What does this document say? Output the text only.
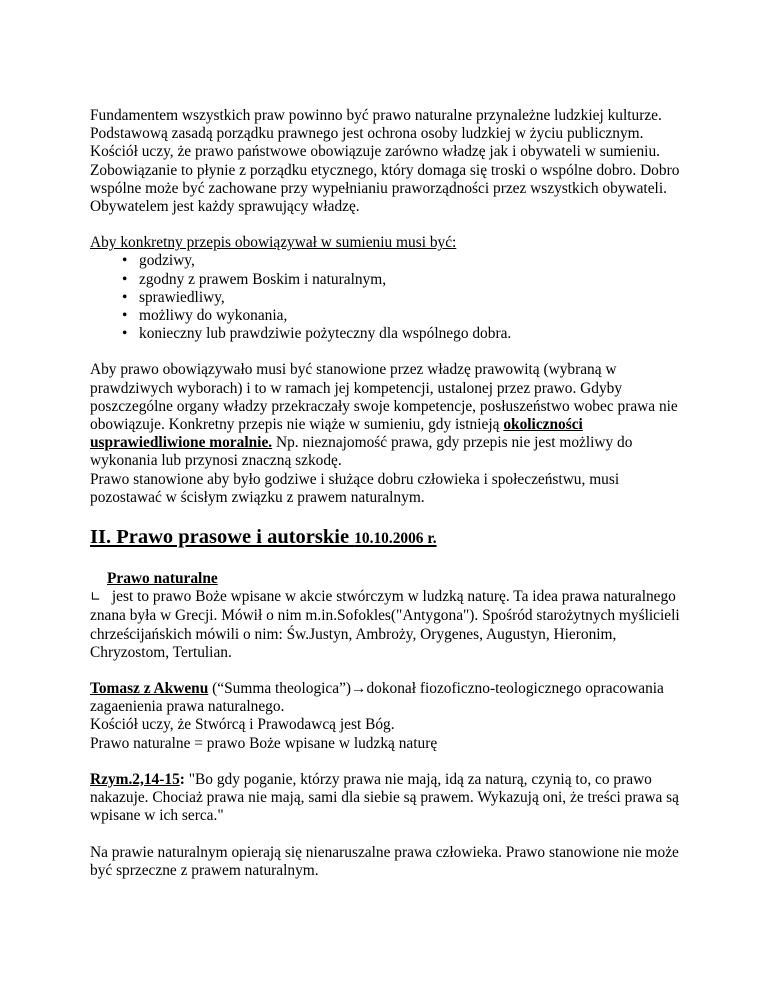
Fundamentem wszystkich praw powinno być prawo naturalne przynależne ludzkiej kulturze.

Podstawową zasadą porządku prawnego jest ochrona osoby ludzkiej w życiu publicznym.

Kościół uczy, że prawo państwowe obowiązuje zarówno władzę jak i obywateli w sumieniu.

Zobowiązanie to płynie z porządku etycznego, który domaga się troski o wspólne dobro. Dobro

wspólne może być zachowane przy wypełnianiu praworządności przez wszystkich obywateli.

Obywatelem jest każdy sprawujący władzę.

Aby konkretny przepis obowiązywał w sumieniu musi być:

• godziwy,
• zgodny z prawem Boskim i naturalnym,
• sprawiedliwy,
• możliwy do wykonania,
• konieczny lub prawdziwie pożyteczny dla wspólnego dobra.

Aby prawo obowiązywało musi być stanowione przez władzę prawowitą (wybraną w

prawdziwych wyborach) i to w ramach jej kompetencji, ustalonej przez prawo. Gdyby

poszczególne organy władzy przekraczały swoje kompetencje, posłuszeństwo wobec prawa nie

obowiązuje. Konkretny przepis nie wiąże w sumieniu, gdy istnieją okoliczności

usprawiedliwione moralnie. Np. nieznajomość prawa, gdy przepis nie jest możliwy do

wykonania lub przynosi znaczną szkodę.

Prawo stanowione aby było godziwe i służące dobru człowieka i społeczeństwu, musi

pozostawać w ścisłym związku z prawem naturalnym.

II. Prawo prasowe i autorskie 10.10.2006 r.

Prawo naturalne

∟ jest to prawo Boże wpisane w akcie stwórczym w ludzką naturę. Ta idea prawa naturalnego

znana była w Grecji. Mówił o nim m.in.Sofokles("Antygona"). Spośród starożytnych myślicieli

chrześcijańskich mówili o nim: Św.Justyn, Ambroży, Orygenes, Augustyn, Hieronim,

Chryzostom, Tertulian.

Tomasz z Akwenu (“Summa theologica”)→dokonał fiozoficzno-teologicznego opracowania

zagaenienia prawa naturalnego.

Kościół uczy, że Stwórcą i Prawodawcą jest Bóg.

Prawo naturalne = prawo Boże wpisane w ludzką naturę

Rzym.2,14-15: "Bo gdy poganie, którzy prawa nie mają, idą za naturą, czynią to, co prawo

nakazuje. Chociaż prawa nie mają, sami dla siebie są prawem. Wykazują oni, że treści prawa są

wpisane w ich serca."

Na prawie naturalnym opierają się nienaruszalne prawa człowieka. Prawo stanowione nie może

być sprzeczne z prawem naturalnym.
